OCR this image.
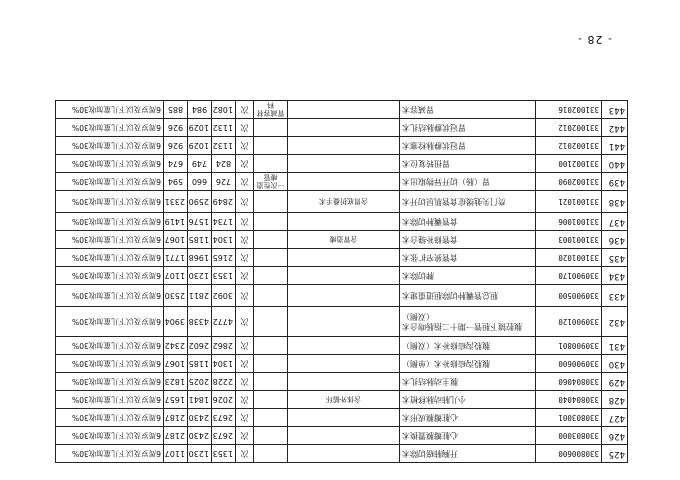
- 28 -
425	330800600	开胸肺癌切除术			次	1353	1230	1107	6周岁及以下儿童加收30%
426	330803000	心脏瓣膜置换术			次	2673	2430	2187	6周岁及以下儿童加收30%
427	330803001	心脏瓣膜成形术			次	2673	2430	2187	6周岁及以下儿童加收30%
428	330804040	小儿肺动脉移植术	含体外循环		次	2026	1841	1657	6周岁及以下儿童加收30%
429	330804060	腹主动脉结扎术			次	2228	2025	1823	6周岁及以下儿童加收30%
430	330900600	腹股沟疝修补术（单侧）			次	1304	1185	1067	6周岁及以下儿童加收30%
431	330900801	腹股沟疝修补术（双侧）			次	2862	2602	2342	6周岁及以下儿童加收30%
432	330900120	腹腔镜下胆管一期十二指肠吻合术（双侧）			次	4772	4338	3904	6周岁及以下儿童加收30%
433	330900500	胆总管囊肿切除胆道重建术			次	3092	2811	2530	6周岁及以下儿童加收30%
434	330900170	脾切除术			次	1353	1230	1107	6周岁及以下儿童加收30%
435	331001020	食管狭窄扩张术			次	2165	1968	1771	6周岁及以下儿童加收30%
436	331001003	食管修补缝合术	含胃造瘘		次	1304	1185	1067	6周岁及以下儿童加收30%
437	331001006	食管囊肿切除术			次	1734	1576	1419	6周岁及以下儿童加收30%
438	331001021	贲门失弛缓症食管肌层切开术	含胃底折叠手术		次	2849	2590	2331	6周岁及以下儿童加收30%
439	331002090	胃（肠）切开异物取出术		一次性造瘘管	次	726	660	594	6周岁及以下儿童加收30%
440	331002100	胃扭转复位术			次	824	749	674	6周岁及以下儿童加收30%
441	331002012	胃冠状静脉栓塞术			次	1132	1029	926	6周岁及以下儿童加收30%
442	331002012	胃冠状静脉结扎术			次	1132	1029	926	6周岁及以下儿童加收30%
443	331002016	胃减容术		胃减容材料	次	1082	984	885	6周岁及以下儿童加收30%
